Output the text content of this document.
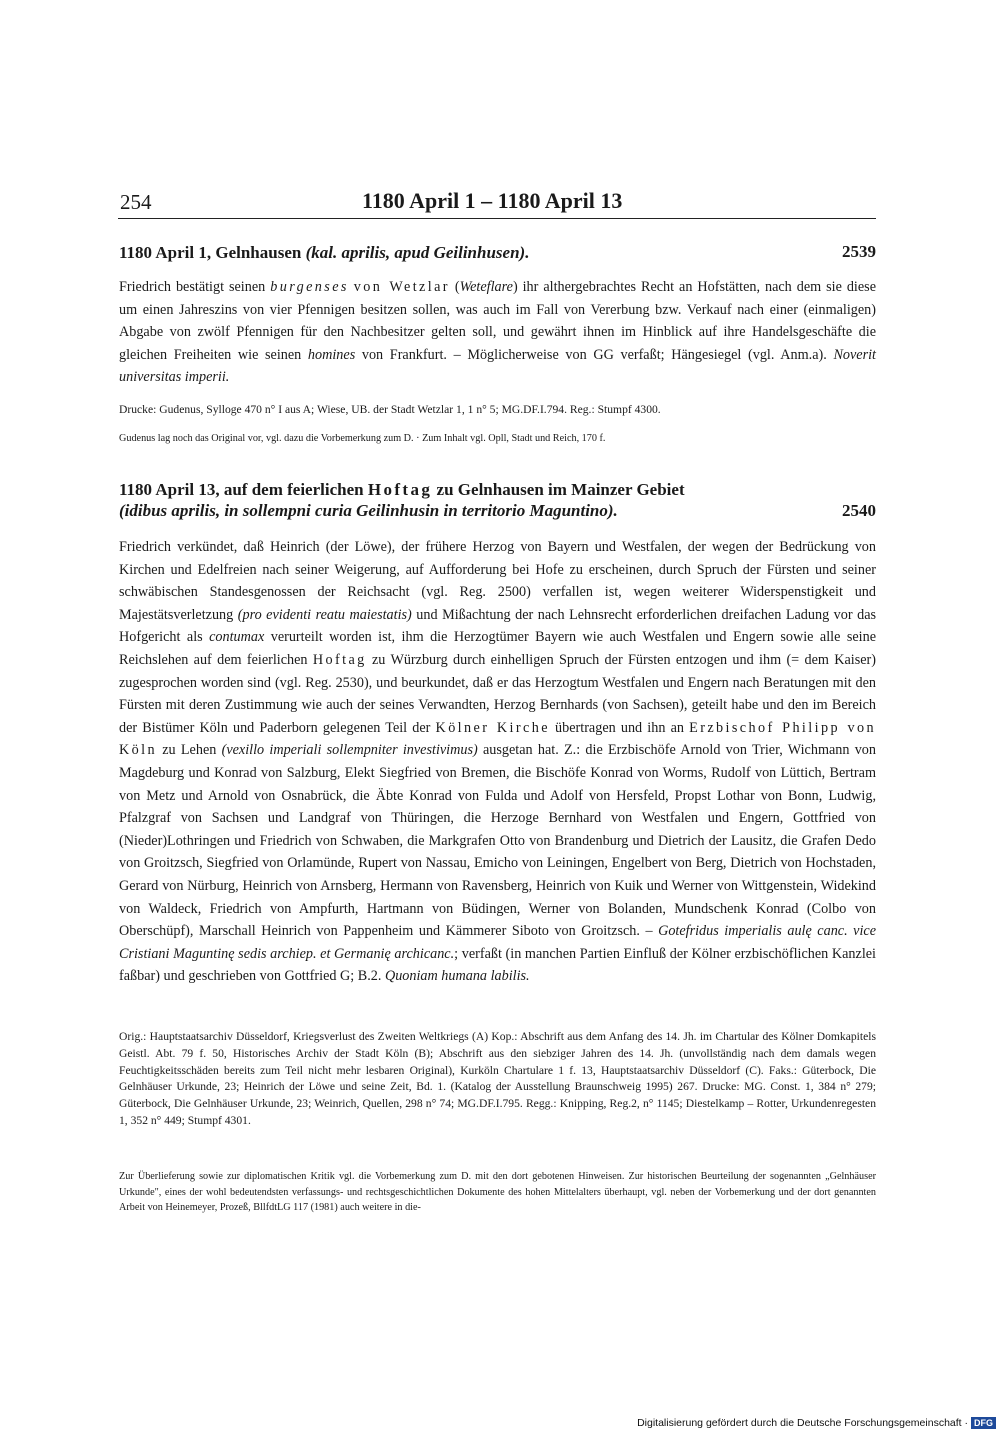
254	1180 April 1 – 1180 April 13
1180 April 1, Gelnhausen (kal. aprilis, apud Geilinhusen).	2539

Friedrich bestätigt seinen burgenses von Wetzlar (Weteflare) ihr althergebrachtes Recht an Hofstätten, nach dem sie diese um einen Jahreszins von vier Pfennigen besitzen sollen, was auch im Fall von Vererbung bzw. Verkauf nach einer (einmaligen) Abgabe von zwölf Pfennigen für den Nachbesitzer gelten soll, und gewährt ihnen im Hinblick auf ihre Handelsgeschäfte die gleichen Freiheiten wie seinen homines von Frankfurt. – Möglicherweise von GG verfaßt; Hängesiegel (vgl. Anm.a). Noverit universitas imperii.

Drucke: Gudenus, Sylloge 470 n° I aus A; Wiese, UB. der Stadt Wetzlar 1, 1 n° 5; MG.DF.I.794. Reg.: Stumpf 4300.
Gudenus lag noch das Original vor, vgl. dazu die Vorbemerkung zum D. · Zum Inhalt vgl. Opll, Stadt und Reich, 170 f.
1180 April 13, auf dem feierlichen Hoftag zu Gelnhausen im Mainzer Gebiet
(idibus aprilis, in sollempni curia Geilinhusin in territorio Maguntino).	2540

Friedrich verkündet, daß Heinrich (der Löwe), der frühere Herzog von Bayern und Westfalen, der wegen der Bedrückung von Kirchen und Edelfreien nach seiner Weigerung, auf Aufforderung bei Hofe zu erscheinen, durch Spruch der Fürsten und seiner schwäbischen Standesgenossen der Reichsacht (vgl. Reg. 2500) verfallen ist, wegen weiterer Widerspenstigkeit und Majestätsverletzung (pro evidenti reatu maiestatis) und Mißachtung der nach Lehnsrecht erforderlichen dreifachen Ladung vor das Hofgericht als contumax verurteilt worden ist, ihm die Herzogtümer Bayern wie auch Westfalen und Engern sowie alle seine Reichslehen auf dem feierlichen Hoftag zu Würzburg durch einhelligen Spruch der Fürsten entzogen und ihm (= dem Kaiser) zugesprochen worden sind (vgl. Reg. 2530), und beurkundet, daß er das Herzogtum Westfalen und Engern nach Beratungen mit den Fürsten mit deren Zustimmung wie auch der seines Verwandten, Herzog Bernhards (von Sachsen), geteilt habe und den im Bereich der Bistümer Köln und Paderborn gelegenen Teil der Kölner Kirche übertragen und ihn an Erzbischof Philipp von Köln zu Lehen (vexillo imperiali sollempniter investivimus) ausgetan hat. Z.: die Erzbischöfe Arnold von Trier, Wichmann von Magdeburg und Konrad von Salzburg, Elekt Siegfried von Bremen, die Bischöfe Konrad von Worms, Rudolf von Lüttich, Bertram von Metz und Arnold von Osnabrück, die Äbte Konrad von Fulda und Adolf von Hersfeld, Propst Lothar von Bonn, Ludwig, Pfalzgraf von Sachsen und Landgraf von Thüringen, die Herzoge Bernhard von Westfalen und Engern, Gottfried von (Nieder)Lothringen und Friedrich von Schwaben, die Markgrafen Otto von Brandenburg und Dietrich der Lausitz, die Grafen Dedo von Groitzsch, Siegfried von Orlamünde, Rupert von Nassau, Emicho von Leiningen, Engelbert von Berg, Dietrich von Hochstaden, Gerard von Nürburg, Heinrich von Arnsberg, Hermann von Ravensberg, Heinrich von Kuik und Werner von Wittgenstein, Widekind von Waldeck, Friedrich von Ampfurth, Hartmann von Büdingen, Werner von Bolanden, Mundschenk Konrad (Colbo von Oberschüpf), Marschall Heinrich von Pappenheim und Kämmerer Siboto von Groitzsch. – Gotefridus imperialis aulę canc. vice Cristiani Maguntinę sedis archiep. et Germanię archicanc.; verfaßt (in manchen Partien Einfluß der Kölner erzbischöflichen Kanzlei faßbar) und geschrieben von Gottfried G; B.2. Quoniam humana labilis.

Orig.: Hauptstaatsarchiv Düsseldorf, Kriegsverlust des Zweiten Weltkriegs (A) Kop.: Abschrift aus dem Anfang des 14. Jh. im Chartular des Kölner Domkapitels Geistl. Abt. 79 f. 50, Historisches Archiv der Stadt Köln (B); Abschrift aus den siebziger Jahren des 14. Jh. (unvollständig nach dem damals wegen Feuchtigkeitsschäden bereits zum Teil nicht mehr lesbaren Original), Kurköln Chartulare 1 f. 13, Hauptstaatsarchiv Düsseldorf (C). Faks.: Güterbock, Die Gelnhäuser Urkunde, 23; Heinrich der Löwe und seine Zeit, Bd. 1. (Katalog der Ausstellung Braunschweig 1995) 267. Drucke: MG. Const. 1, 384 n° 279; Güterbock, Die Gelnhäuser Urkunde, 23; Weinrich, Quellen, 298 n° 74; MG.DF.I.795. Regg.: Knipping, Reg.2, n° 1145; Diestelkamp – Rotter, Urkundenregesten 1, 352 n° 449; Stumpf 4301.
Zur Überlieferung sowie zur diplomatischen Kritik vgl. die Vorbemerkung zum D. mit den dort gebotenen Hinweisen. Zur historischen Beurteilung der sogenannten „Gelnhäuser Urkunde", eines der wohl bedeutendsten verfassungs- und rechtsgeschichtlichen Dokumente des hohen Mittelalters überhaupt, vgl. neben der Vorbemerkung und der dort genannten Arbeit von Heinemeyer, Prozeß, BllfdtLG 117 (1981) auch weitere in die-
Digitalisierung gefördert durch die Deutsche Forschungsgemeinschaft · DFG
